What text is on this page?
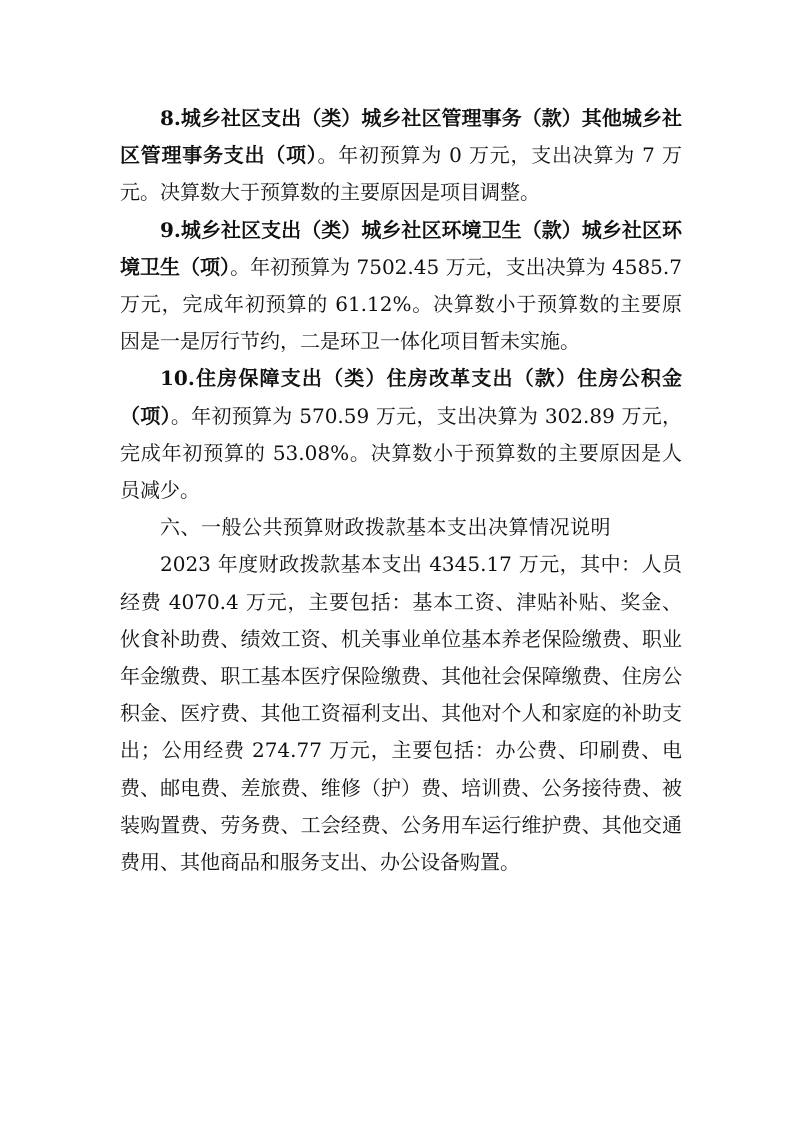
8.城乡社区支出（类）城乡社区管理事务（款）其他城乡社区管理事务支出（项）。年初预算为 0 万元，支出决算为 7 万元。决算数大于预算数的主要原因是项目调整。

9.城乡社区支出（类）城乡社区环境卫生（款）城乡社区环境卫生（项）。年初预算为 7502.45 万元，支出决算为 4585.7 万元，完成年初预算的 61.12%。决算数小于预算数的主要原因是一是厉行节约，二是环卫一体化项目暂未实施。

10.住房保障支出（类）住房改革支出（款）住房公积金（项）。年初预算为 570.59 万元，支出决算为 302.89 万元，完成年初预算的 53.08%。决算数小于预算数的主要原因是人员减少。

六、一般公共预算财政拨款基本支出决算情况说明

2023 年度财政拨款基本支出 4345.17 万元，其中：人员经费 4070.4 万元，主要包括：基本工资、津贴补贴、奖金、伙食补助费、绩效工资、机关事业单位基本养老保险缴费、职业年金缴费、职工基本医疗保险缴费、其他社会保障缴费、住房公积金、医疗费、其他工资福利支出、其他对个人和家庭的补助支出；公用经费 274.77 万元，主要包括：办公费、印刷费、电费、邮电费、差旅费、维修（护）费、培训费、公务接待费、被装购置费、劳务费、工会经费、公务用车运行维护费、其他交通费用、其他商品和服务支出、办公设备购置。
